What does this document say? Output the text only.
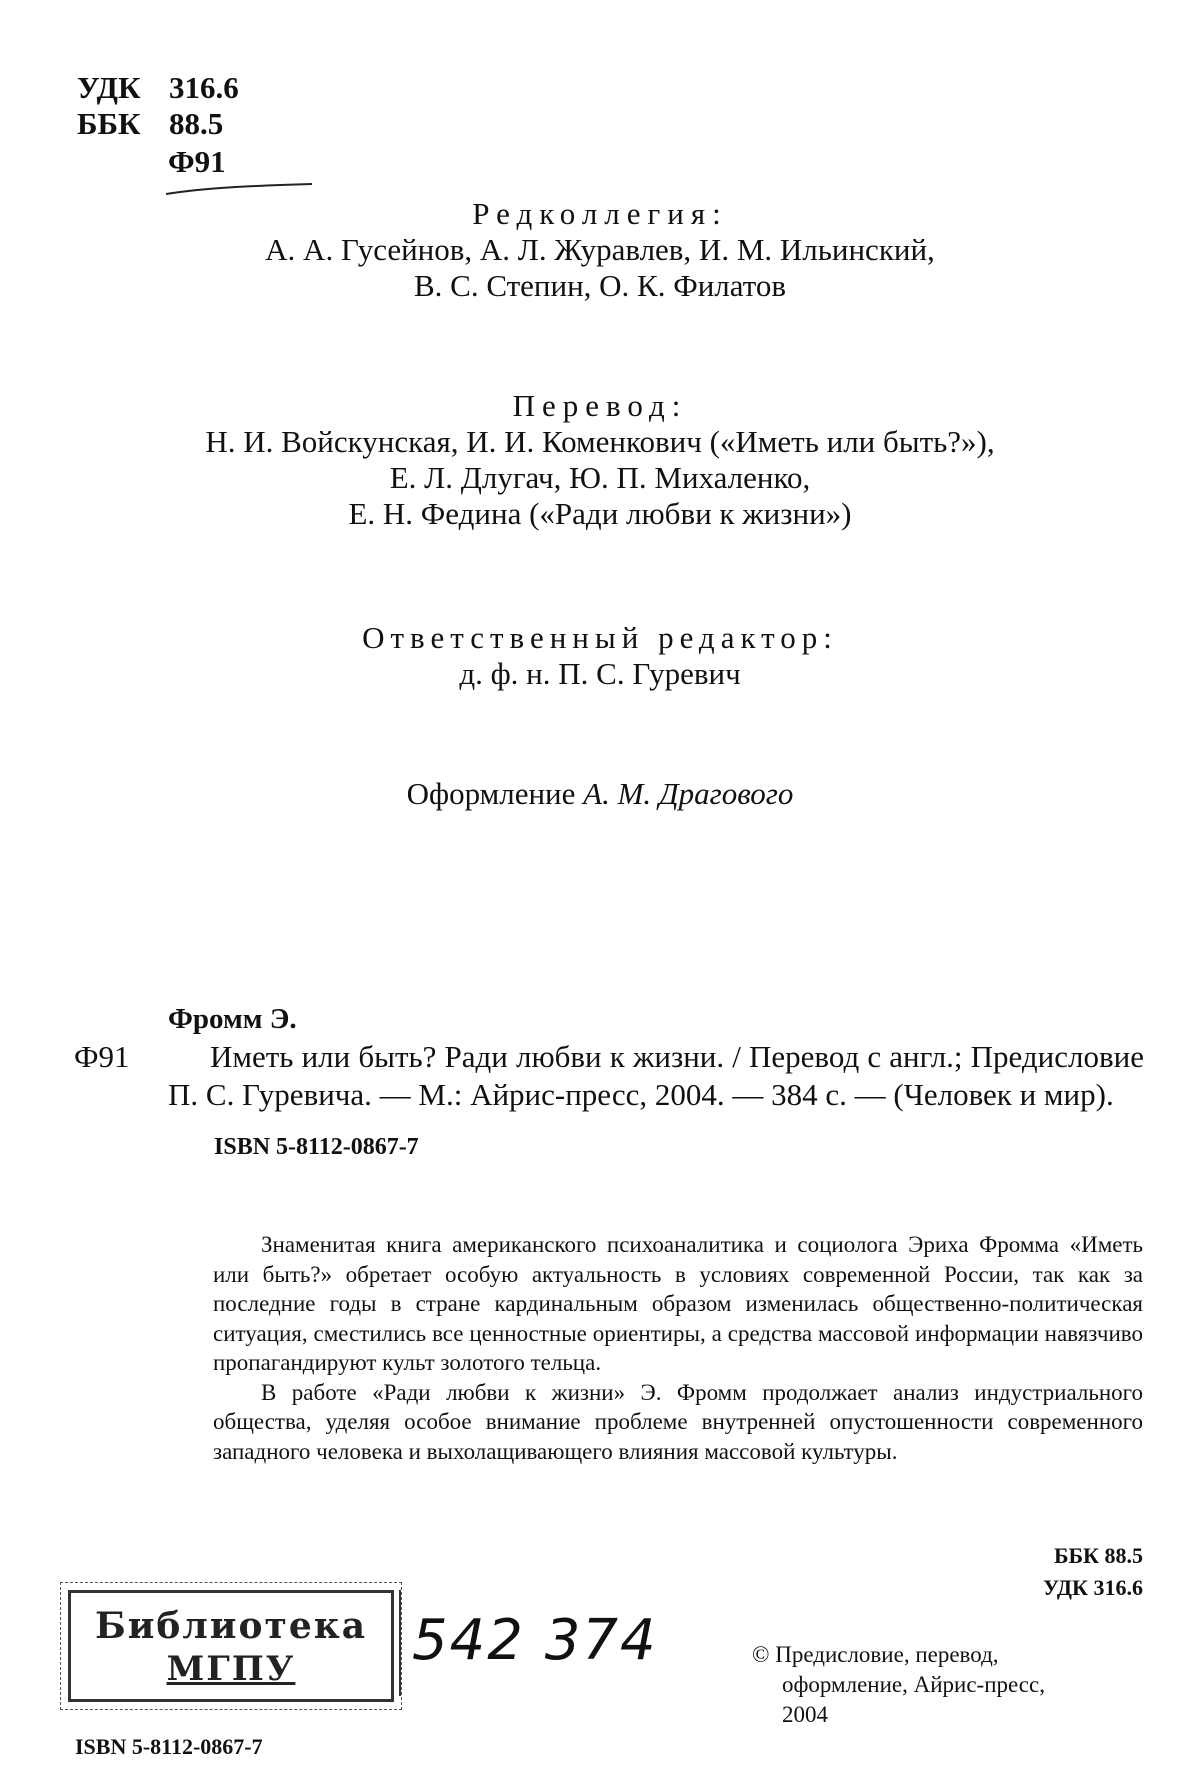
УДК 316.6
ББК 88.5
Ф91
Редколлегия:
А. А. Гусейнов, А. Л. Журавлев, И. М. Ильинский,
В. С. Степин, О. К. Филатов
Перевод:
Н. И. Войскунская, И. И. Коменкович («Иметь или быть?»),
Е. Л. Длугач, Ю. П. Михаленко,
Е. Н. Федина («Ради любви к жизни»)
Ответственный редактор:
д. ф. н. П. С. Гуревич
Оформление А. М. Драгового
Фромм Э.
Ф91	Иметь или быть? Ради любви к жизни. / Перевод с англ.; Предисловие П. С. Гуревича. — М.: Айрис-пресс, 2004. — 384 с. — (Человек и мир).

ISBN 5-8112-0867-7

Знаменитая книга американского психоаналитика и социолога Эриха Фромма «Иметь или быть?» обретает особую актуальность в условиях современной России, так как за последние годы в стране кардинальным образом изменилась общественно-политическая ситуация, сместились все ценностные ориентиры, а средства массовой информации навязчиво пропагандируют культ золотого тельца.

В работе «Ради любви к жизни» Э. Фромм продолжает анализ индустриального общества, уделяя особое внимание проблеме внутренней опустошенности современного западного человека и выхолащивающего влияния массовой культуры.

ББК 88.5
УДК 316.6
Библиотека
МГПУ	542 374	© Предисловие, перевод,
оформление, Айрис-пресс,
2004
ISBN 5-8112-0867-7
